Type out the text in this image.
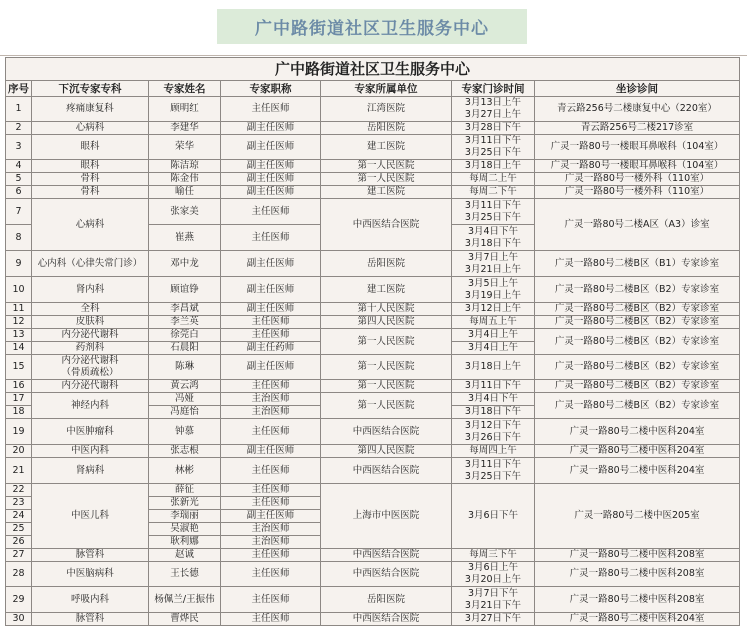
广中路街道社区卫生服务中心
广中路街道社区卫生服务中心						
序号	下沉专家专科	专家姓名	专家职称	专家所属单位	专家门诊时间	坐诊诊间
1	疼痛康复科	顾明红	主任医师	江湾医院	3月13日上午
3月27日上午	青云路256号二楼康复中心（220室）
2	心病科	李建华	副主任医师	岳阳医院	3月28日下午	青云路256号二楼217诊室
3	眼科	荣华	副主任医师	建工医院	3月11日下午
3月25日下午	广灵一路80号一楼眼耳鼻喉科（104室）
4	眼科	陈洁琼	副主任医师	第一人民医院	3月18日上午	广灵一路80号一楼眼耳鼻喉科（104室）
5	骨科	陈金伟	副主任医师	第一人民医院	每周二上午	广灵一路80号一楼外科（110室）
6	骨科	喻任	副主任医师	建工医院	每周二下午	广灵一路80号一楼外科（110室）
7	心病科	张家美	主任医师	中西医结合医院	3月11日下午
3月25日下午	广灵一路80号二楼A区（A3）诊室
8		崔燕	主任医师		3月4日下午
3月18日下午	
9	心内科（心律失常门诊）	邓中龙	副主任医师	岳阳医院	3月7日上午
3月21日上午	广灵一路80号二楼B区（B1）专家诊室
10	肾内科	顾谊铮	副主任医师	建工医院	3月5日上午
3月19日上午	广灵一路80号二楼B区（B2）专家诊室
11	全科	李昌斌	副主任医师	第十人民医院	3月12日上午	广灵一路80号二楼B区（B2）专家诊室
12	皮肤科	李兰英	主任医师	第四人民医院	每周五上午	广灵一路80号二楼B区（B2）专家诊室
13	内分泌代谢科	徐莞白	主任医师	第一人民医院	3月4日上午	广灵一路80号二楼B区（B2）专家诊室
14	药剂科	石晨阳	副主任药师		3月4日上午	
15	内分泌代谢科
（骨质疏松）	陈琳	副主任医师	第一人民医院	3月18日上午	广灵一路80号二楼B区（B2）专家诊室
16	内分泌代谢科	黄云鸿	主任医师	第一人民医院	3月11日下午	广灵一路80号二楼B区（B2）专家诊室
17	神经内科	冯娅	主治医师	第一人民医院	3月4日下午	广灵一路80号二楼B区（B2）专家诊室
18		冯庭怡	主治医师		3月18日下午	
19	中医肿瘤科	钟慕	主任医师	中西医结合医院	3月12日下午
3月26日下午	广灵一路80号二楼中医科204室
20	中医内科	张志根	副主任医师	第四人民医院	每周四上午	广灵一路80号二楼中医科204室
21	肾病科	林彬	主任医师	中西医结合医院	3月11日下午
3月25日下午	广灵一路80号二楼中医科204室
22	中医儿科	薛征	主任医师	上海市中医医院	3月6日下午	广灵一路80号二楼中医205室
23		张新光	主任医师			
24		李瑞丽	副主任医师			
25		吴淑艳	主治医师			
26		耿利娜	主治医师			
27	脉管科	赵诚	主任医师	中西医结合医院	每周三下午	广灵一路80号二楼中医科208室
28	中医脑病科	王长德	主任医师	中西医结合医院	3月6日上午
3月20日上午	广灵一路80号二楼中医科208室
29	呼吸内科	杨佩兰/王振伟	主任医师	岳阳医院	3月7日下午
3月21日下午	广灵一路80号二楼中医科208室
30	脉管科	曹烨民	主任医师	中西医结合医院	3月27日下午	广灵一路80号二楼中医科204室
